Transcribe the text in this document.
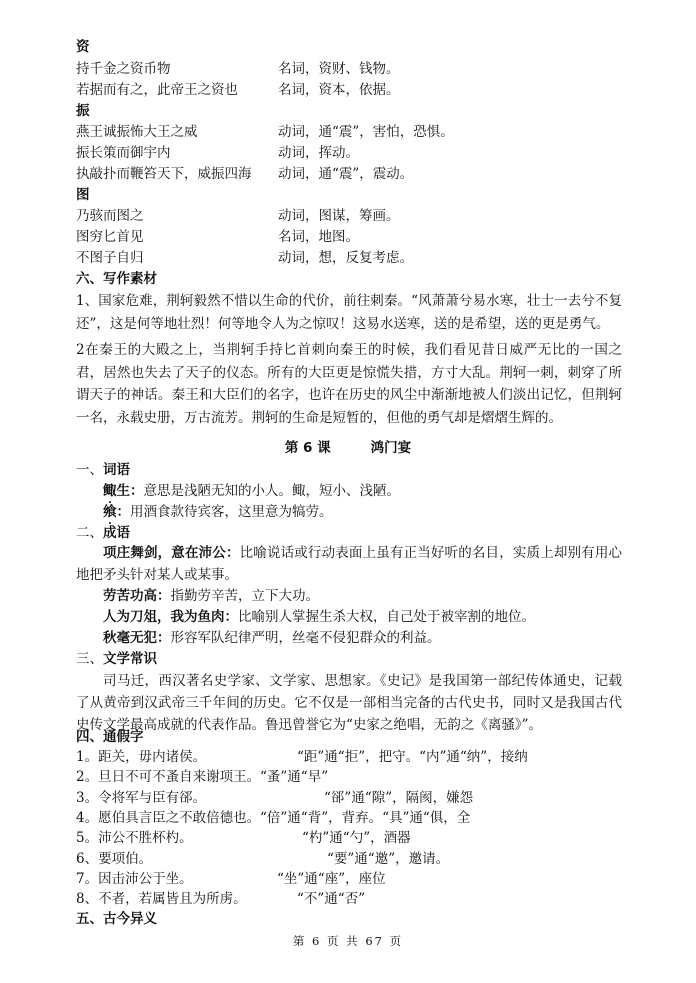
资
持千金之资币物	名词，资财、钱物。
若据而有之，此帝王之资也	名词，资本，依据。
振
燕王诚振怖大王之威	动词，通“震”，害怕，恐惧。
振长策而御宇内	动词，挥动。
执敲扑而鞭笞天下，威振四海 动词，通“震”，震动。
图
乃骇而图之	动词，图谋，筹画。
图穷匕首见	名词，地图。
不图子自归	动词，想，反复考虑。
六、写作素材
1、国家危难，荆轲毅然不惜以生命的代价，前往刺秦。“风萧萧兮易水寒，壮士一去兮不复还”，这是何等地壮烈！何等地令人为之惊叹！这易水送寒，送的是希望，送的更是勇气。
2在秦王的大殿之上，当荆轲手持匕首刺向秦王的时候，我们看见昔日威严无比的一国之君，居然也失去了天子的仪态。所有的大臣更是惊慌失措，方寸大乱。荆轲一刺，刺穿了所谓天子的神话。秦王和大臣们的名字，也许在历史的风尘中渐渐地被人们淡出记忆，但荆轲一名，永载史册，万古流芳。荆轲的生命是短暂的，但他的勇气却是熠熠生辉的。
第 6 课	鸿门宴
一、词语
鲰生：意思是浅陋无知的小人。鲰，短小、浅陋。
飨：用酒食款待宾客，这里意为犒劳。
二、成语
项庄舞剑，意在沛公：比喻说话或行动表面上虽有正当好听的名目，实质上却别有用心地把矛头针对某人或某事。
劳苦功高：指勤劳辛苦，立下大功。
人为刀俎，我为鱼肉：比喻别人掌握生杀大权，自己处于被宰割的地位。
秋毫无犯：形容军队纪律严明，丝毫不侵犯群众的利益。
三、文学常识
司马迁，西汉著名史学家、文学家、思想家。《史记》是我国第一部纪传体通史，记载了从黄帝到汉武帝三千年间的历史。它不仅是一部相当完备的古代史书，同时又是我国古代史传文学最高成就的代表作品。鲁迅曾誉它为“史家之绝唱，无韵之《离骚》”。
四、通假字
1。距关，毋内诸侯。	“距”通“拒”，把守。“内”通“纳”，接纳
2。旦日不可不蚤自来谢项王。 “蚤”通“早”
3。令将军与臣有郤。	“郤”通“隙”，隔阂，嫌怨
4。愿伯具言臣之不敢倍德也。 “倍”通“背”，背弃。“具”通“俱，全
5。沛公不胜杯杓。	“杓”通“勺”，酒器
6、要项伯。	“要”通“邀”，邀请。
7。因击沛公于坐。	“坐”通“座”，座位
8、不者，若属皆且为所虏。	“不”通“否”
五、古今异义
第 6 页 共 67 页
